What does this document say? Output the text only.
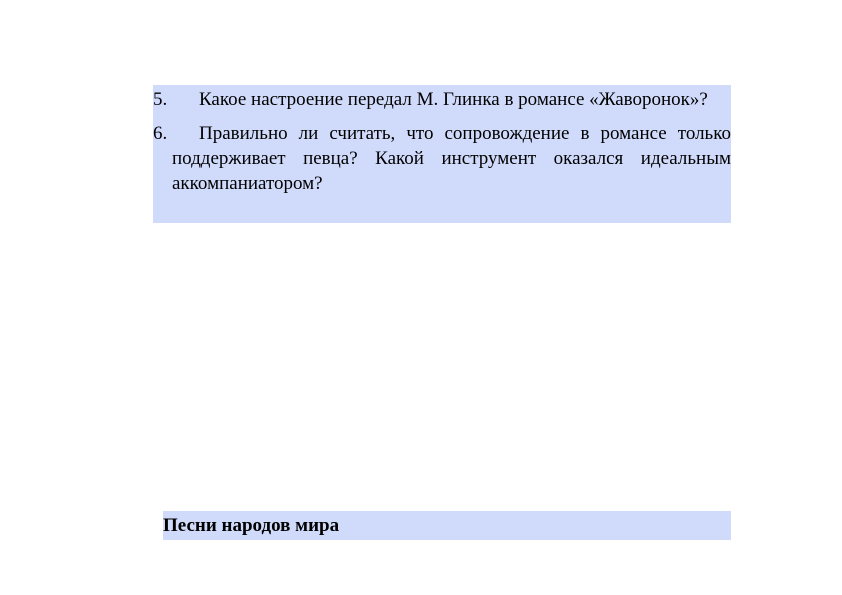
5.	Какое настроение передал М. Глинка в романсе «Жаворонок»?
6.	Правильно ли считать, что сопровождение в романсе только поддерживает певца? Какой инструмент оказался идеальным аккомпаниатором?
Песни народов мира
